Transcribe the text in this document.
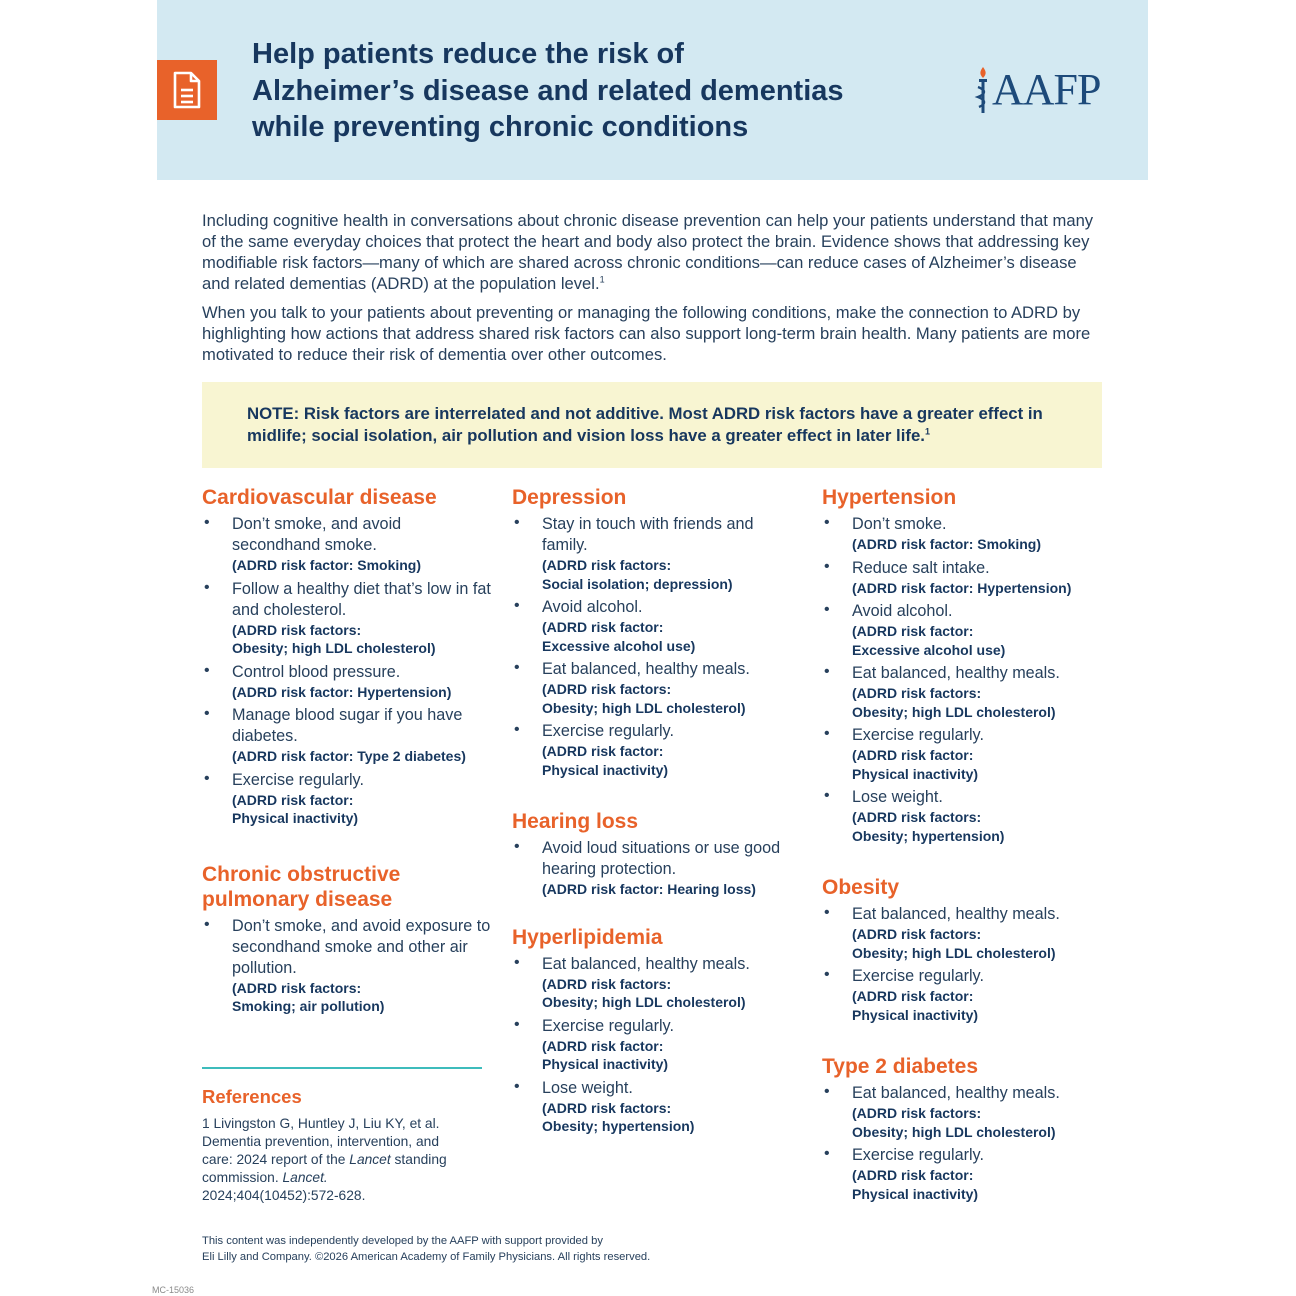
Help patients reduce the risk of
Alzheimer’s disease and related dementias
while preventing chronic conditions
AAFP

Including cognitive health in conversations about chronic disease prevention can help your patients understand that many of the same everyday choices that protect the heart and body also protect the brain. Evidence shows that addressing key modifiable risk factors—many of which are shared across chronic conditions—can reduce cases of Alzheimer’s disease and related dementias (ADRD) at the population level.$^1$

When you talk to your patients about preventing or managing the following conditions, make the connection to ADRD by highlighting how actions that address shared risk factors can also support long-term brain health. Many patients are more motivated to reduce their risk of dementia over other outcomes.

NOTE: Risk factors are interrelated and not additive. Most ADRD risk factors have a greater effect in midlife; social isolation, air pollution and vision loss have a greater effect in later life.$^1$
Cardiovascular disease
• Don’t smoke, and avoid secondhand smoke.
(ADRD risk factor: Smoking)
• Follow a healthy diet that’s low in fat and cholesterol.
(ADRD risk factors:
Obesity; high LDL cholesterol)
• Control blood pressure.
(ADRD risk factor: Hypertension)
• Manage blood sugar if you have diabetes.
(ADRD risk factor: Type 2 diabetes)
• Exercise regularly.
(ADRD risk factor:
Physical inactivity)
Chronic obstructive pulmonary disease
• Don’t smoke, and avoid exposure to secondhand smoke and other air pollution.
(ADRD risk factors:
Smoking; air pollution)
Depression
• Stay in touch with friends and family.
(ADRD risk factors:
Social isolation; depression)
• Avoid alcohol.
(ADRD risk factor:
Excessive alcohol use)
• Eat balanced, healthy meals.
(ADRD risk factors:
Obesity; high LDL cholesterol)
• Exercise regularly.
(ADRD risk factor:
Physical inactivity)
Hearing loss
• Avoid loud situations or use good hearing protection.
(ADRD risk factor: Hearing loss)
Hyperlipidemia
• Eat balanced, healthy meals.
(ADRD risk factors:
Obesity; high LDL cholesterol)
• Exercise regularly.
(ADRD risk factor:
Physical inactivity)
• Lose weight.
(ADRD risk factors:
Obesity; hypertension)
Hypertension
• Don’t smoke.
(ADRD risk factor: Smoking)
• Reduce salt intake.
(ADRD risk factor: Hypertension)
• Avoid alcohol.
(ADRD risk factor:
Excessive alcohol use)
• Eat balanced, healthy meals.
(ADRD risk factors:
Obesity; high LDL cholesterol)
• Exercise regularly.
(ADRD risk factor:
Physical inactivity)
• Lose weight.
(ADRD risk factors:
Obesity; hypertension)
Obesity
• Eat balanced, healthy meals.
(ADRD risk factors:
Obesity; high LDL cholesterol)
• Exercise regularly.
(ADRD risk factor:
Physical inactivity)
Type 2 diabetes
• Eat balanced, healthy meals.
(ADRD risk factors:
Obesity; high LDL cholesterol)
• Exercise regularly.
(ADRD risk factor:
Physical inactivity)
References
1 Livingston G, Huntley J, Liu KY, et al. Dementia prevention, intervention, and care: 2024 report of the Lancet standing commission. Lancet. 2024;404(10452):572-628.
This content was independently developed by the AAFP with support provided by
Eli Lilly and Company. ©2026 American Academy of Family Physicians. All rights reserved.
MC-15036
